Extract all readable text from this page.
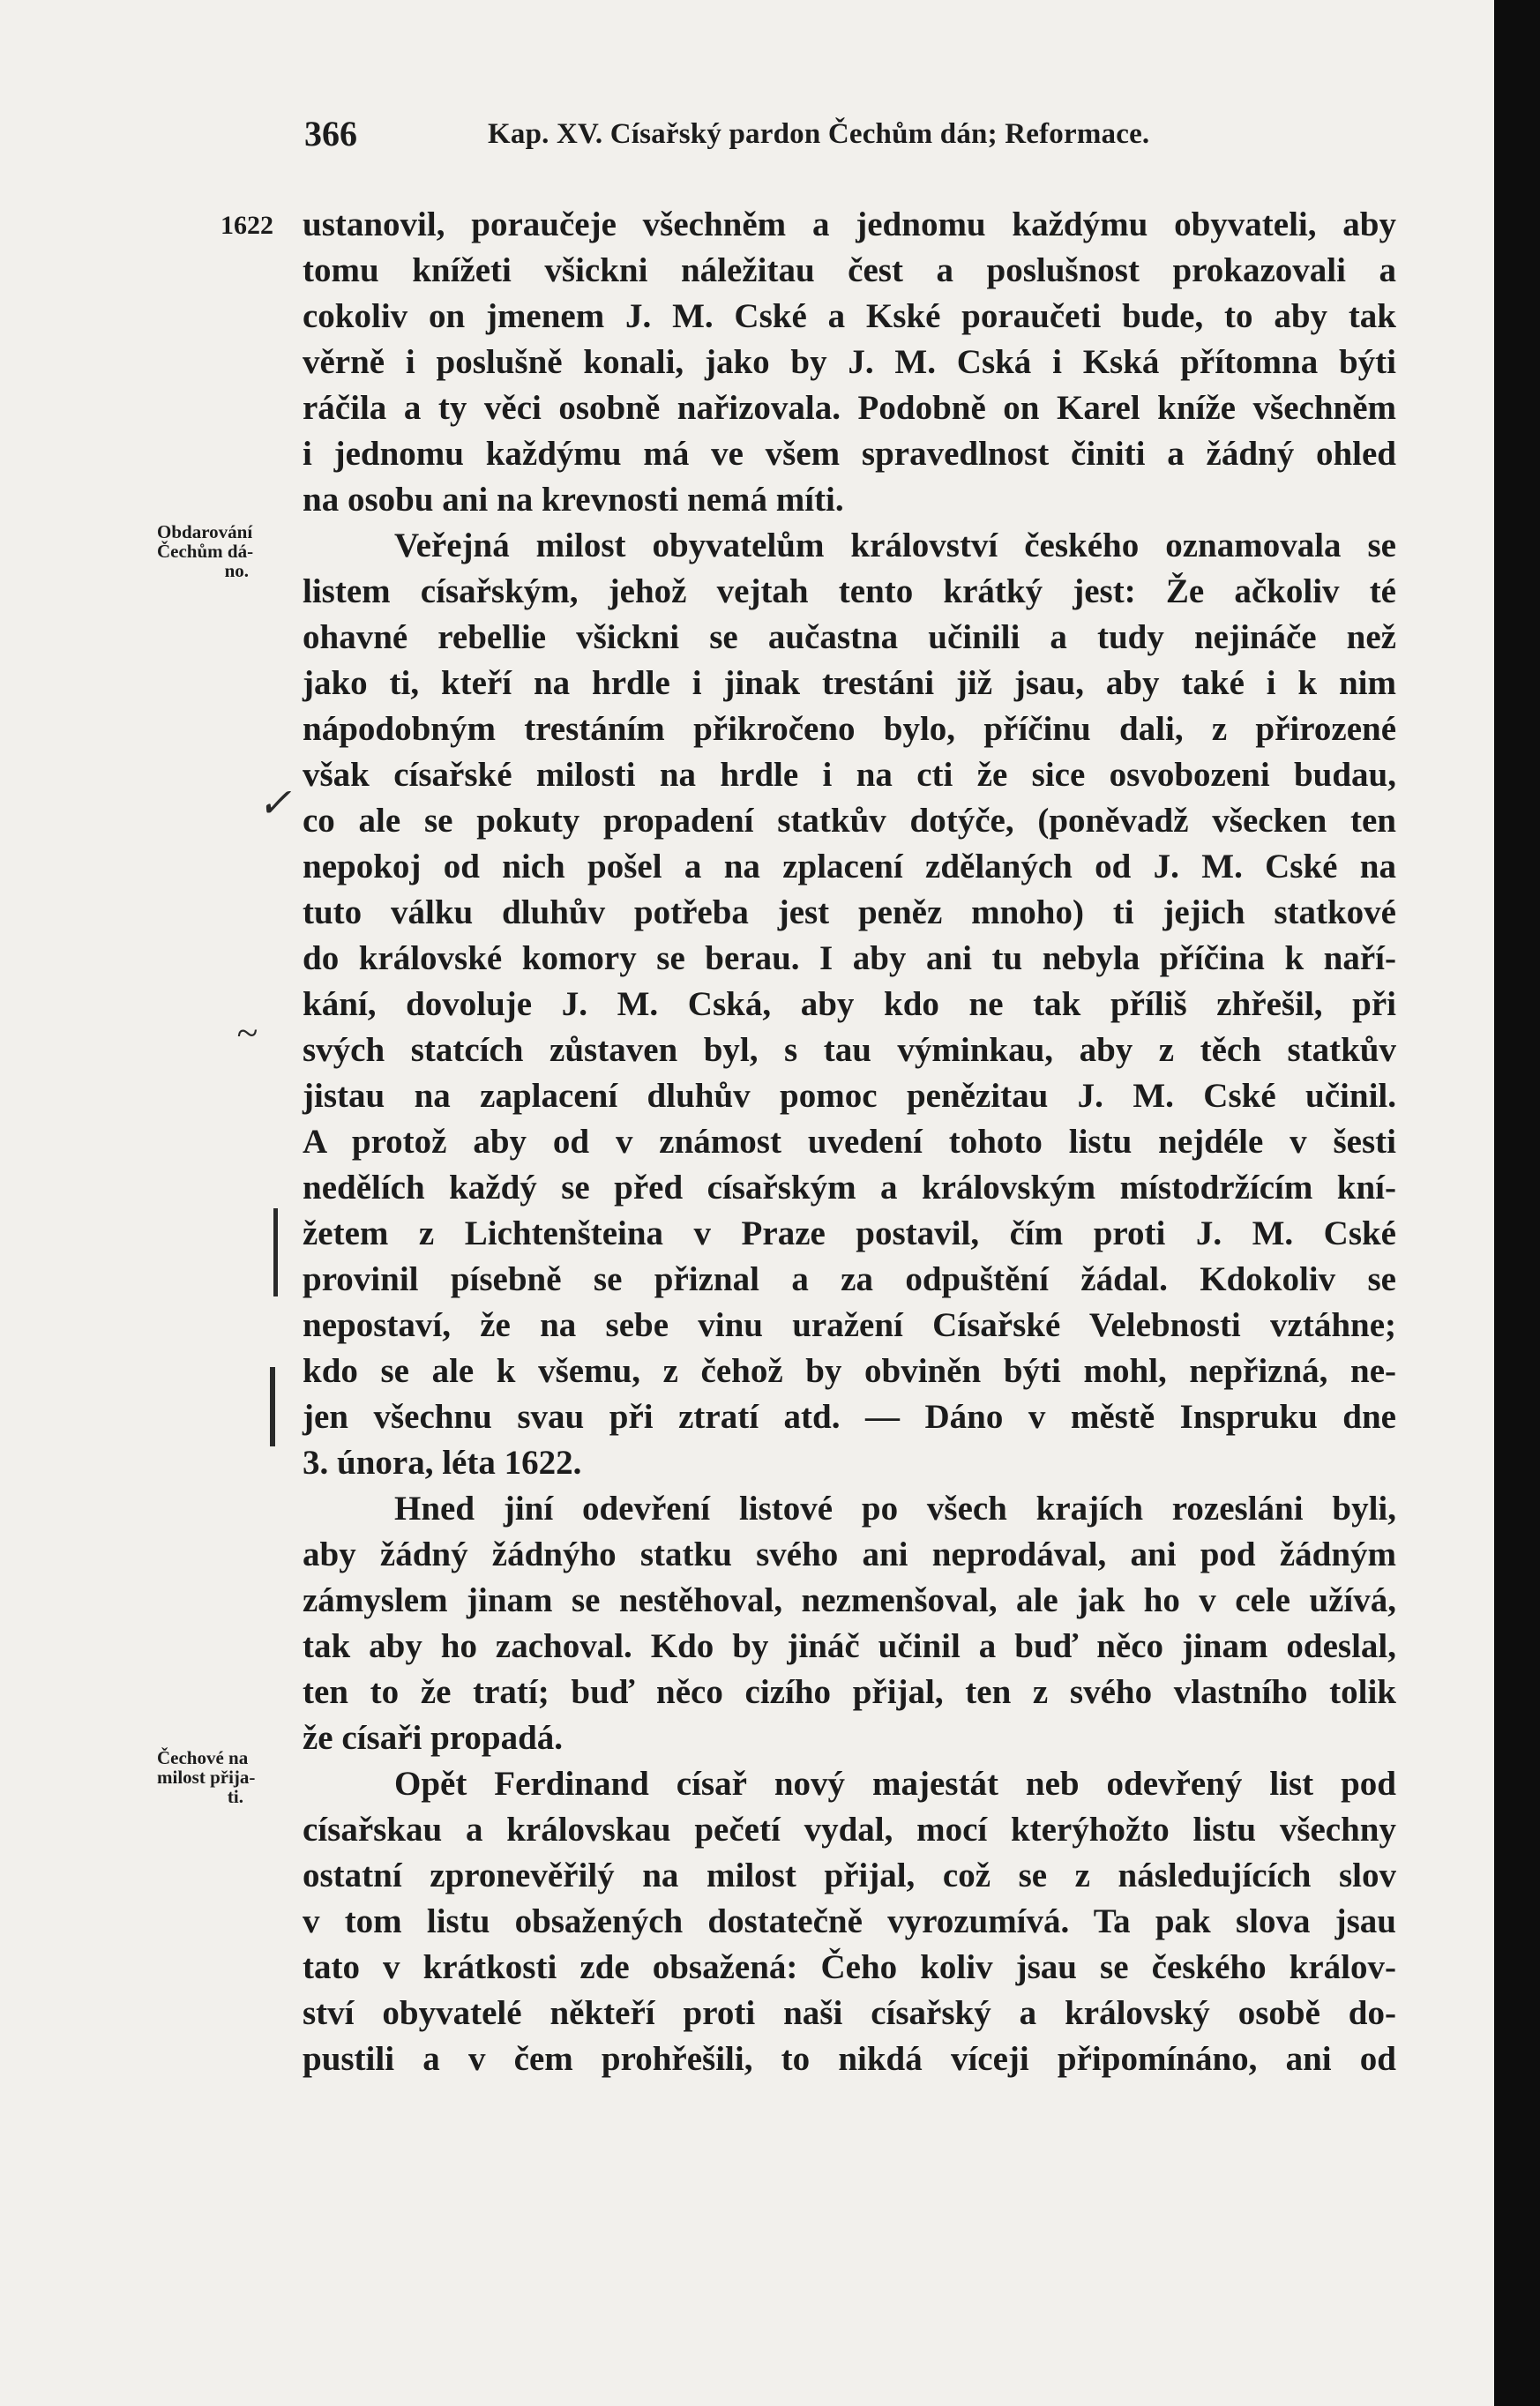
366	Kap. XV. Císařský pardon Čechům dán; Reformace.
1622
Obdarování
Čechům dá-
no.
Čechové na
milost přija-
ti.
✓
~
ustanovil, poraučeje všechněm a jednomu každýmu obyvateli, aby
tomu knížeti všickni náležitau čest a poslušnost prokazovali a
cokoliv on jmenem J. M. Cské a Kské poraučeti bude, to aby tak
věrně i poslušně konali, jako by J. M. Cská i Kská přítomna býti
ráčila a ty věci osobně nařizovala. Podobně on Karel kníže všechněm
i jednomu každýmu má ve všem spravedlnost činiti a žádný ohled
na osobu ani na krevnosti nemá míti.
Veřejná milost obyvatelům království českého oznamovala se
listem císařským, jehož vejtah tento krátký jest: Že ačkoliv té
ohavné rebellie všickni se aučastna učinili a tudy nejináče než
jako ti, kteří na hrdle i jinak trestáni již jsau, aby také i k nim
nápodobným trestáním přikročeno bylo, příčinu dali, z přirozené
však císařské milosti na hrdle i na cti že sice osvobozeni budau,
co ale se pokuty propadení statkův dotýče, (poněvadž všecken ten
nepokoj od nich pošel a na zplacení zdělaných od J. M. Cské na
tuto válku dluhův potřeba jest peněz mnoho) ti jejich statkové
do královské komory se berau. I aby ani tu nebyla příčina k naří-
kání, dovoluje J. M. Cská, aby kdo ne tak příliš zhřešil, při
svých statcích zůstaven byl, s tau výminkau, aby z těch statkův
jistau na zaplacení dluhův pomoc penězitau J. M. Cské učinil.
A protož aby od v známost uvedení tohoto listu nejdéle v šesti
nedělích každý se před císařským a královským místodržícím kní-
žetem z Lichtenšteina v Praze postavil, čím proti J. M. Cské
provinil písebně se přiznal a za odpuštění žádal. Kdokoliv se
nepostaví, že na sebe vinu uražení Císařské Velebnosti vztáhne;
kdo se ale k všemu, z čehož by obviněn býti mohl, nepřizná, ne-
jen všechnu svau při ztratí atd. — Dáno v městě Inspruku dne
3. února, léta 1622.
Hned jiní odevření listové po všech krajích rozesláni byli,
aby žádný žádnýho statku svého ani neprodával, ani pod žádným
zámyslem jinam se nestěhoval, nezmenšoval, ale jak ho v cele užívá,
tak aby ho zachoval. Kdo by jináč učinil a buď něco jinam odeslal,
ten to že tratí; buď něco cizího přijal, ten z svého vlastního tolik
že císaři propadá.
Opět Ferdinand císař nový majestát neb odevřený list pod
císařskau a královskau pečetí vydal, mocí kterýhožto listu všechny
ostatní zpronevěřilý na milost přijal, což se z následujících slov
v tom listu obsažených dostatečně vyrozumívá. Ta pak slova jsau
tato v krátkosti zde obsažená: Čeho koliv jsau se českého králov-
ství obyvatelé někteří proti naši císařský a královský osobě do-
pustili a v čem prohřešili, to nikdá víceji připomínáno, ani od
